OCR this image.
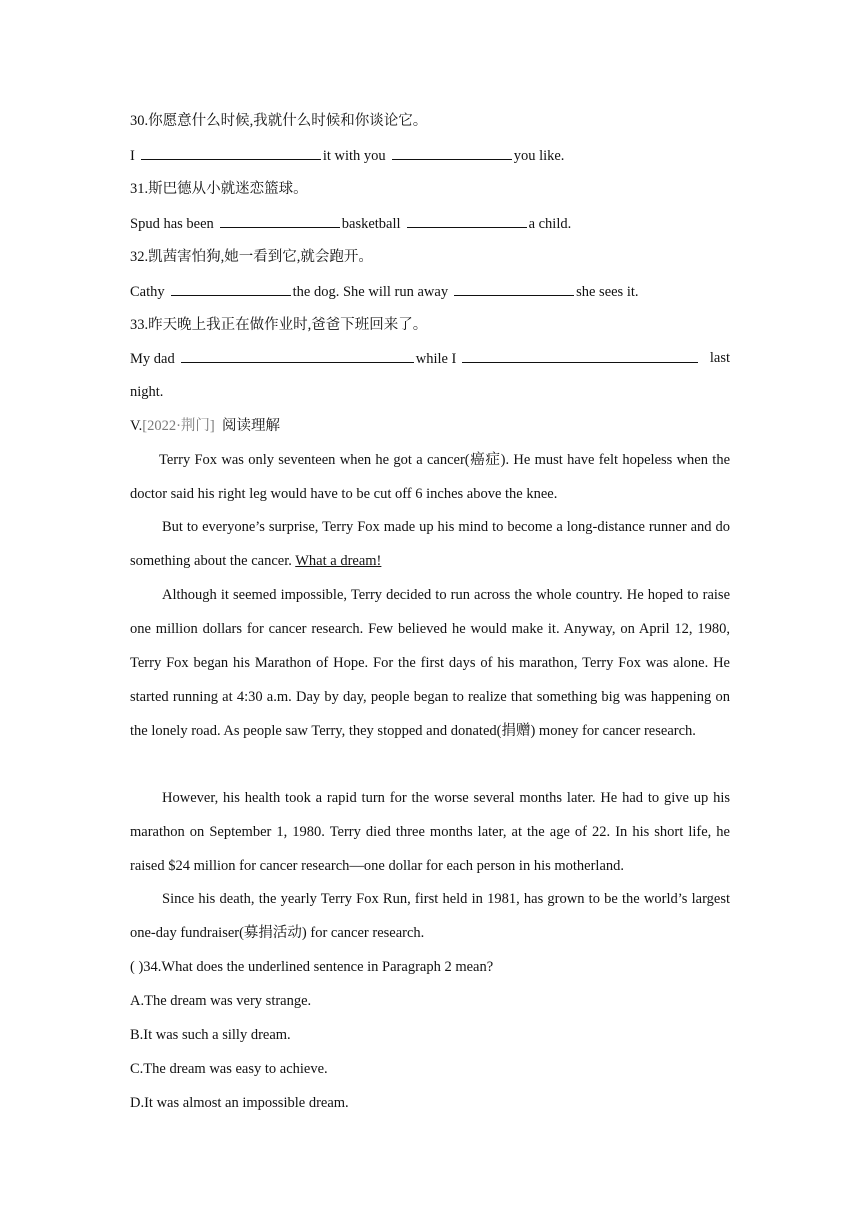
30.你愿意什么时候,我就什么时候和你谈论它。
I	it with you	you like.
31.斯巴德从小就迷恋篮球。
Spud has been	basketball	a child.
32.凯茜害怕狗,她一看到它,就会跑开。
Cathy	the dog. She will run away	she sees it.
33.昨天晚上我正在做作业时,爸爸下班回来了。
My dad	while I	last
night.
V.[2022·荆门] 阅读理解
Terry Fox was only seventeen when he got a cancer(癌症). He must have felt hopeless when the doctor said his right leg would have to be cut off 6 inches above the knee.
But to everyone’s surprise, Terry Fox made up his mind to become a long-distance runner and do something about the cancer. What a dream!
Although it seemed impossible, Terry decided to run across the whole country. He hoped to raise one million dollars for cancer research. Few believed he would make it. Anyway, on April 12, 1980, Terry Fox began his Marathon of Hope. For the first days of his marathon, Terry Fox was alone. He started running at 4:30 a.m. Day by day, people began to realize that something big was happening on the lonely road. As people saw Terry, they stopped and donated(捐赠) money for cancer research.
However, his health took a rapid turn for the worse several months later. He had to give up his marathon on September 1, 1980. Terry died three months later, at the age of 22. In his short life, he raised $24 million for cancer research—one dollar for each person in his motherland.
Since his death, the yearly Terry Fox Run, first held in 1981, has grown to be the world’s largest one-day fundraiser(募捐活动) for cancer research.
( )34.What does the underlined sentence in Paragraph 2 mean?
A.The dream was very strange.
B.It was such a silly dream.
C.The dream was easy to achieve.
D.It was almost an impossible dream.
